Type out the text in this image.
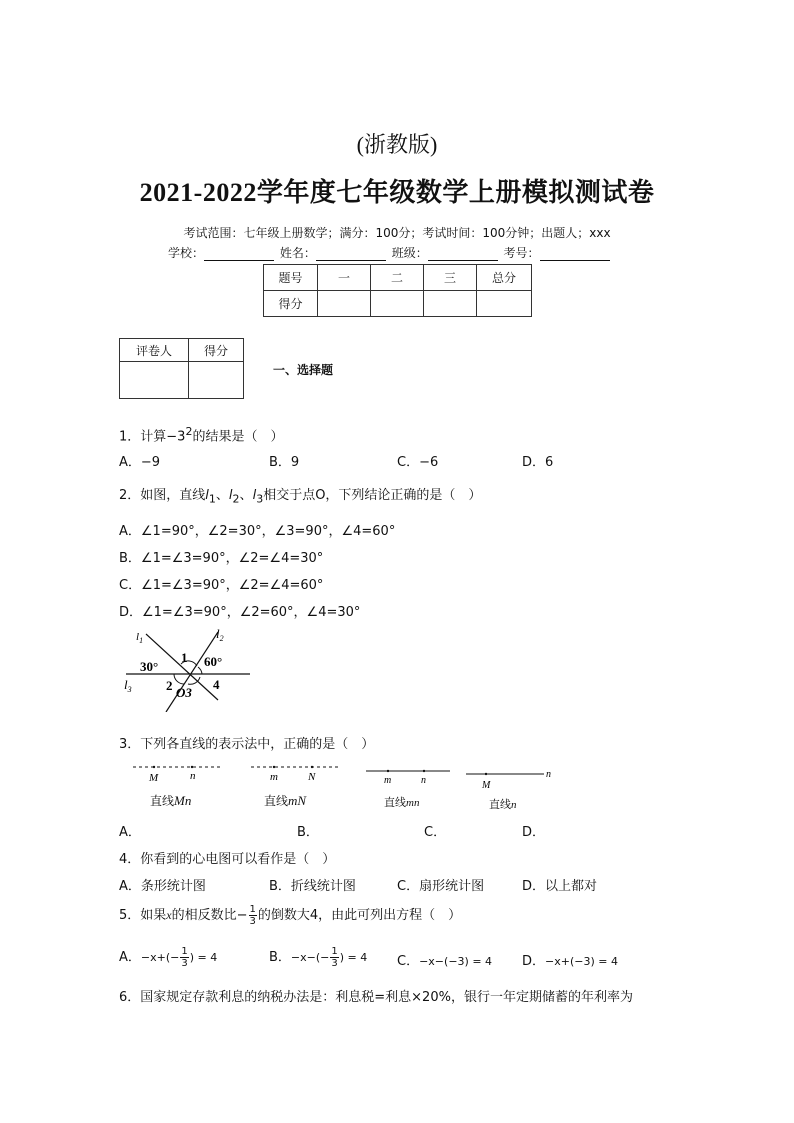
(浙教版)
2021-2022学年度七年级数学上册模拟测试卷
考试范围：七年级上册数学；满分：100分；考试时间：100分钟；出题人；xxx
学校：	姓名：	班级：	考号：
题号	一	二	三	总分
得分				
评卷人	得分

一、选择题
1．计算$-3^2$的结果是（　）
A．−9	B．9	C．−6	D．6
2．如图，直线$l_1$、$l_2$、$l_3$相交于点O，下列结论正确的是（　）
A．∠1=90°，∠2=30°，∠3=90°，∠4=60°
B．∠1=∠3=90°，∠2=∠4=30°
C．∠1=∠3=90°，∠2=∠4=60°
D．∠1=∠3=90°，∠2=60°，∠4=30°
$l_1$	$l_2$
$l_3$
30°	60°
1
2 O3
4
3．下列各直线的表示法中，正确的是（　）
M	n
直线Mn
m	N
直线mN
m	n
直线mn
M
n
直线n
A．	B．	C．	D．
4．你看到的心电图可以看作是（　）
A．条形统计图	B．折线统计图	C．扇形统计图	D．以上都对
5．如果x的相反数比− $\frac{1}{3}$ 的倒数大4，由此可列出方程（　）
A．$-x+(- \frac{1}{3}$ ) = 4	B．$-x-(- \frac{1}{3}$ ) = 4 C．−x−(−3) = 4 D．−x+(−3) = 4
6．国家规定存款利息的纳税办法是：利息税=利息×20%，银行一年定期储蓄的年利率为
